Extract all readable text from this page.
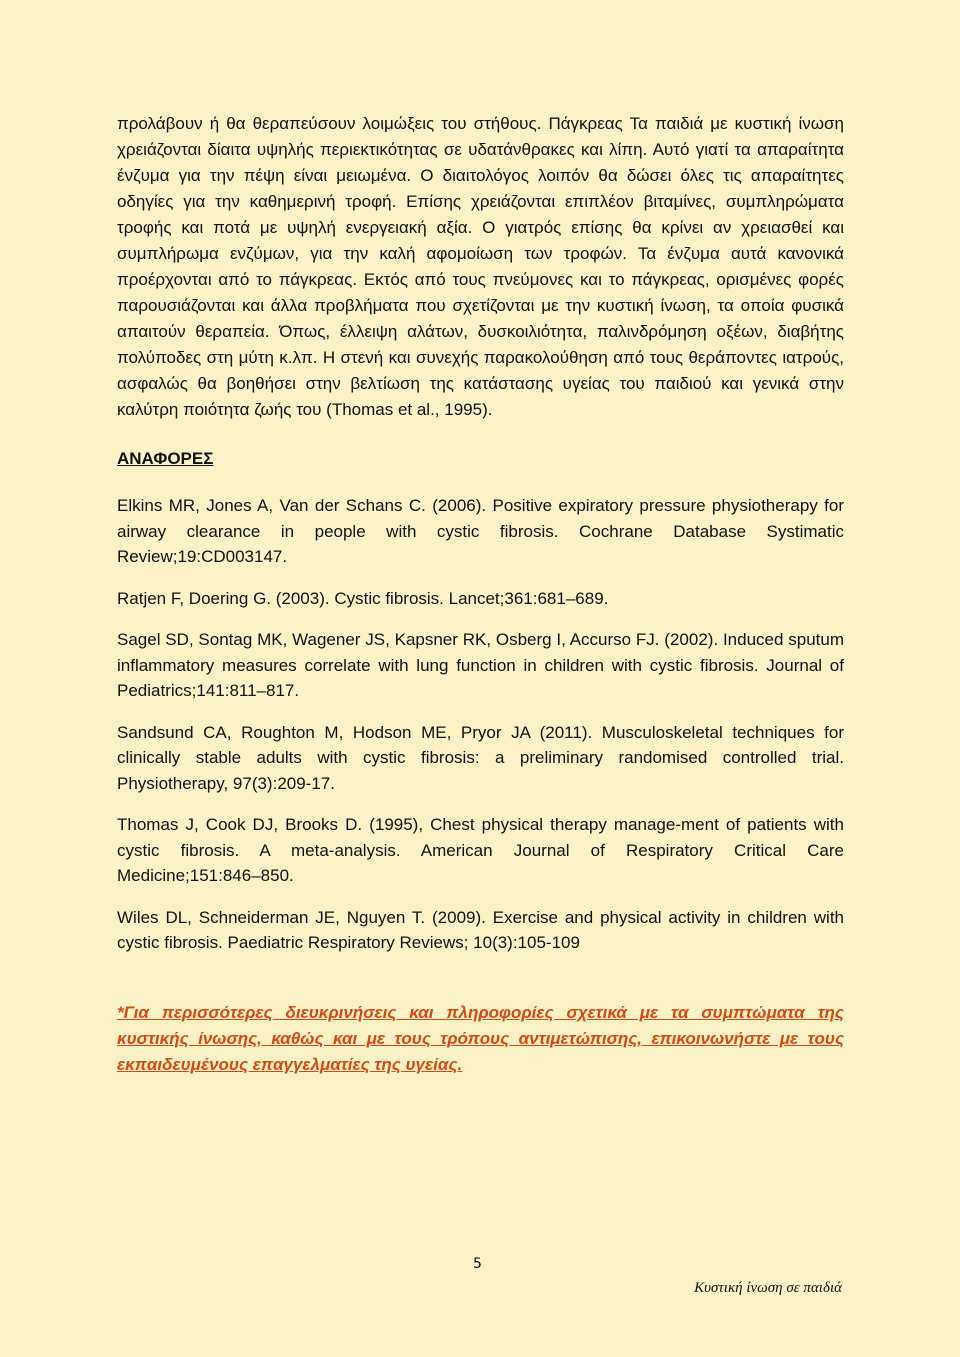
προλάβουν ή θα θεραπεύσουν λοιμώξεις του στήθους. Πάγκρεας Τα παιδιά με κυστική ίνωση χρειάζονται δίαιτα υψηλής περιεκτικότητας σε υδατάνθρακες και λίπη. Αυτό γιατί τα απαραίτητα ένζυμα για την πέψη είναι μειωμένα. Ο διαιτολόγος λοιπόν θα δώσει όλες τις απαραίτητες οδηγίες για την καθημερινή τροφή. Επίσης χρειάζονται επιπλέον βιταμίνες, συμπληρώματα τροφής και ποτά με υψηλή ενεργειακή αξία. Ο γιατρός επίσης θα κρίνει αν χρειασθεί και συμπλήρωμα ενζύμων, για την καλή αφομοίωση των τροφών. Τα ένζυμα αυτά κανονικά προέρχονται από το πάγκρεας. Εκτός από τους πνεύμονες και το πάγκρεας, ορισμένες φορές παρουσιάζονται και άλλα προβλήματα που σχετίζονται με την κυστική ίνωση, τα οποία φυσικά απαιτούν θεραπεία. Όπως, έλλειψη αλάτων, δυσκοιλιότητα, παλινδρόμηση οξέων, διαβήτης πολύποδες στη μύτη κ.λπ. Η στενή και συνεχής παρακολούθηση από τους θεράποντες ιατρούς, ασφαλώς θα βοηθήσει στην βελτίωση της κατάστασης υγείας του παιδιού και γενικά στην καλύτρη ποιότητα ζωής του (Thomas et al., 1995).

ΑΝΑΦΟΡΕΣ

Elkins MR, Jones A, Van der Schans C. (2006). Positive expiratory pressure physiotherapy for airway clearance in people with cystic fibrosis. Cochrane Database Systimatic Review;19:CD003147.

Ratjen F, Doering G. (2003). Cystic fibrosis. Lancet;361:681–689.

Sagel SD, Sontag MK, Wagener JS, Kapsner RK, Osberg I, Accurso FJ. (2002). Induced sputum inflammatory measures correlate with lung function in children with cystic fibrosis. Journal of Pediatrics;141:811–817.

Sandsund CA, Roughton M, Hodson ME, Pryor JA (2011). Musculoskeletal techniques for clinically stable adults with cystic fibrosis: a preliminary randomised controlled trial. Physiotherapy, 97(3):209-17.

Thomas J, Cook DJ, Brooks D. (1995), Chest physical therapy manage-ment of patients with cystic fibrosis. A meta-analysis. American Journal of Respiratory Critical Care Medicine;151:846–850.

Wiles DL, Schneiderman JE, Nguyen T. (2009). Exercise and physical activity in children with cystic fibrosis. Paediatric Respiratory Reviews; 10(3):105-109

*Για περισσότερες διευκρινήσεις και πληροφορίες σχετικά με τα συμπτώματα της κυστικής ίνωσης, καθώς και με τους τρόπους αντιμετώπισης, επικοινωνήστε με τους εκπαιδευμένους επαγγελματίες της υγείας.
5
Κυστική ίνωση σε παιδιά
